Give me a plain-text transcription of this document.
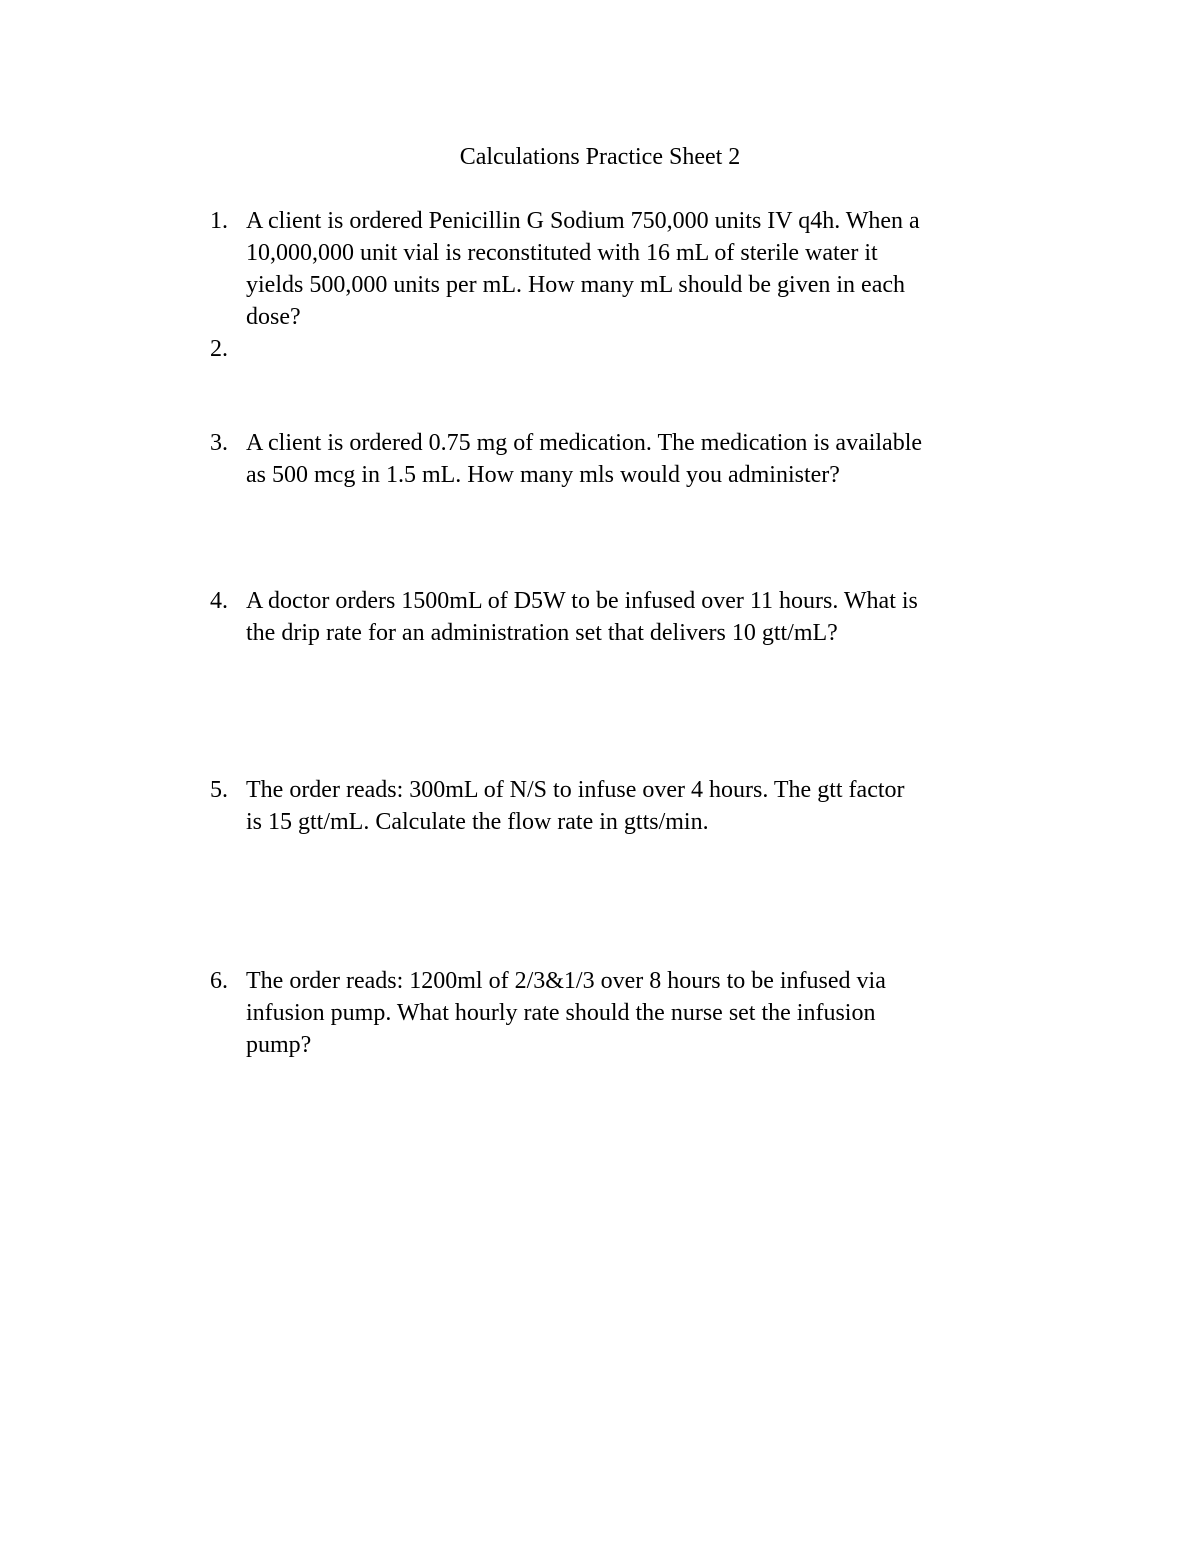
Calculations Practice Sheet 2
1. A client is ordered Penicillin G Sodium 750,000 units IV q4h. When a
10,000,000 unit vial is reconstituted with 16 mL of sterile water it
yields 500,000 units per mL. How many mL should be given in each
dose?
2.

3. A client is ordered 0.75 mg of medication. The medication is available
as 500 mcg in 1.5 mL. How many mls would you administer?
4. A doctor orders 1500mL of D5W to be infused over 11 hours. What is
the drip rate for an administration set that delivers 10 gtt/mL?
5. The order reads: 300mL of N/S to infuse over 4 hours. The gtt factor
is 15 gtt/mL. Calculate the flow rate in gtts/min.
6. The order reads: 1200ml of 2/3&1/3 over 8 hours to be infused via
infusion pump. What hourly rate should the nurse set the infusion
pump?
